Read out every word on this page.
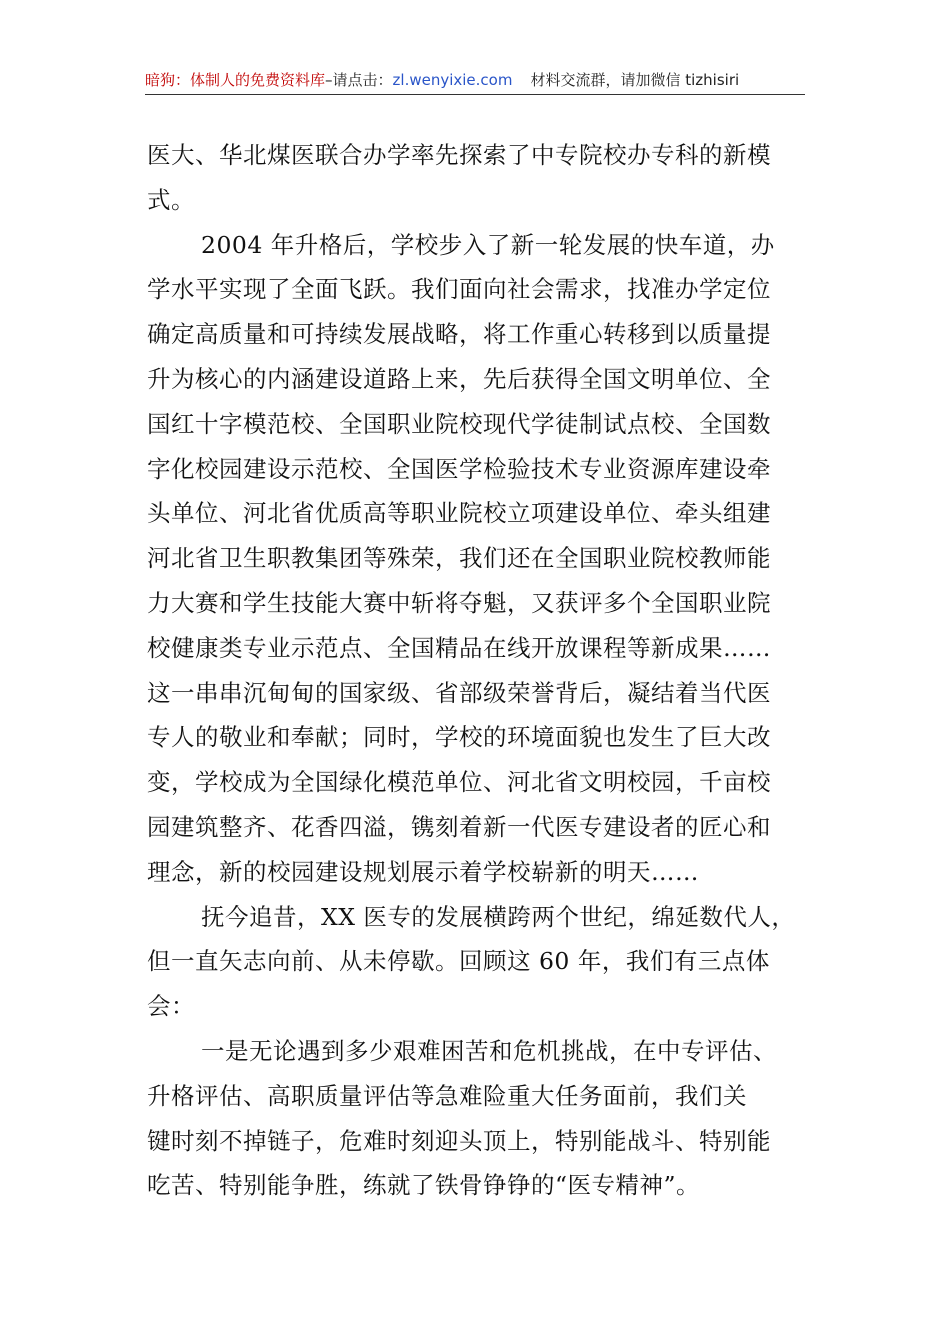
暗狗：体制人的免费资料库–请点击：zl.wenyixie.com 材料交流群，请加微信 tizhisiri

医大、华北煤医联合办学率先探索了中专院校办专科的新模
式。

2004 年升格后，学校步入了新一轮发展的快车道，办
学水平实现了全面飞跃。我们面向社会需求，找准办学定位
确定高质量和可持续发展战略，将工作重心转移到以质量提
升为核心的内涵建设道路上来，先后获得全国文明单位、全
国红十字模范校、全国职业院校现代学徒制试点校、全国数
字化校园建设示范校、全国医学检验技术专业资源库建设牵
头单位、河北省优质高等职业院校立项建设单位、牵头组建
河北省卫生职教集团等殊荣，我们还在全国职业院校教师能
力大赛和学生技能大赛中斩将夺魁，又获评多个全国职业院
校健康类专业示范点、全国精品在线开放课程等新成果……
这一串串沉甸甸的国家级、省部级荣誉背后，凝结着当代医
专人的敬业和奉献；同时，学校的环境面貌也发生了巨大改
变，学校成为全国绿化模范单位、河北省文明校园，千亩校
园建筑整齐、花香四溢，镌刻着新一代医专建设者的匠心和
理念，新的校园建设规划展示着学校崭新的明天……

抚今追昔，XX 医专的发展横跨两个世纪，绵延数代人，
但一直矢志向前、从未停歇。回顾这 60 年，我们有三点体
会：

一是无论遇到多少艰难困苦和危机挑战，在中专评估、
升格评估、高职质量评估等急难险重大任务面前，我们关
键时刻不掉链子，危难时刻迎头顶上，特别能战斗、特别能
吃苦、特别能争胜，练就了铁骨铮铮的“医专精神”。
